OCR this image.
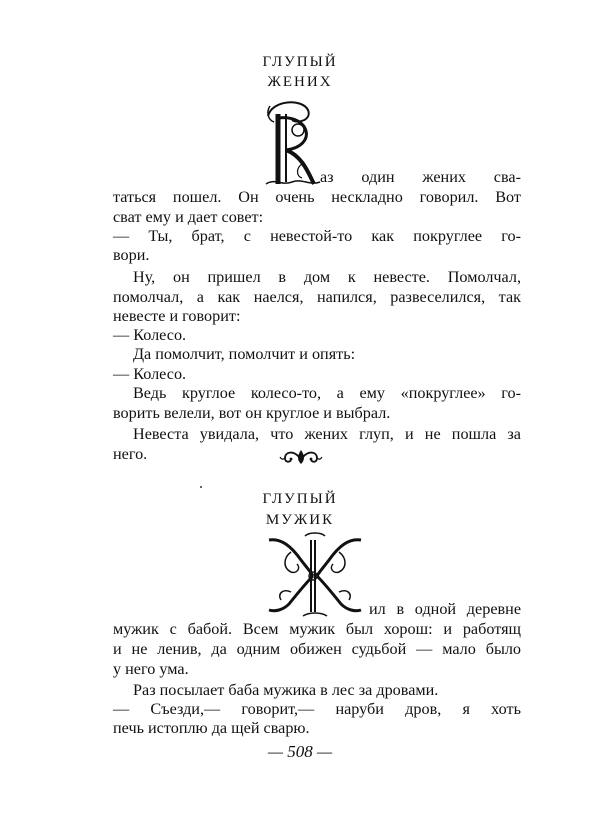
ГЛУПЫЙ
ЖЕНИХ
аз один жених сва-
таться пошел. Он очень нескладно говорил. Вот
сват ему и дает совет:
— Ты, брат, с невестой-то как покруглее го-
вори.
Ну, он пришел в дом к невесте. Помолчал,
помолчал, а как наелся, напился, развеселился, так
невесте и говорит:
— Колесо.
Да помолчит, помолчит и опять:
— Колесо.
Ведь круглое колесо-то, а ему «покруглее» го-
ворить велели, вот он круглое и выбрал.
Невеста увидала, что жених глуп, и не пошла за
него.
ГЛУПЫЙ
МУЖИК
ил в одной деревне
мужик с бабой. Всем мужик был хорош: и работящ
и не ленив, да одним обижен судьбой — мало было
у него ума.
Раз посылает баба мужика в лес за дровами.
— Съезди,— говорит,— наруби дров, я хоть
печь истоплю да щей сварю.
— 508 —
